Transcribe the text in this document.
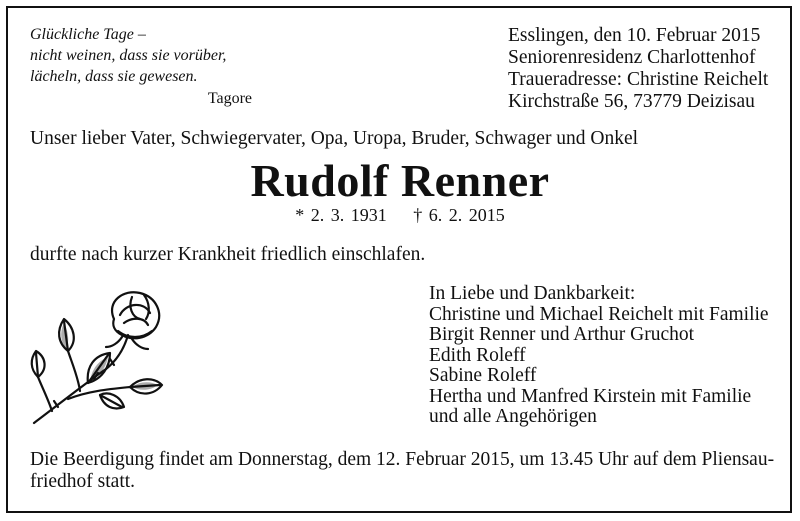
Glückliche Tage –
nicht weinen, dass sie vorüber,
lächeln, dass sie gewesen.
Tagore
Esslingen, den 10. Februar 2015
Seniorenresidenz Charlottenhof
Traueradresse: Christine Reichelt
Kirchstraße 56, 73779 Deizisau
Unser lieber Vater, Schwiegervater, Opa, Uropa, Bruder, Schwager und Onkel
Rudolf Renner
* 2. 3. 1931 † 6. 2. 2015
durfte nach kurzer Krankheit friedlich einschlafen.
In Liebe und Dankbarkeit:
Christine und Michael Reichelt mit Familie
Birgit Renner und Arthur Gruchot
Edith Roleff
Sabine Roleff
Hertha und Manfred Kirstein mit Familie
und alle Angehörigen
Die Beerdigung findet am Donnerstag, dem 12. Februar 2015, um 13.45 Uhr auf dem Pliensau-
friedhof statt.
